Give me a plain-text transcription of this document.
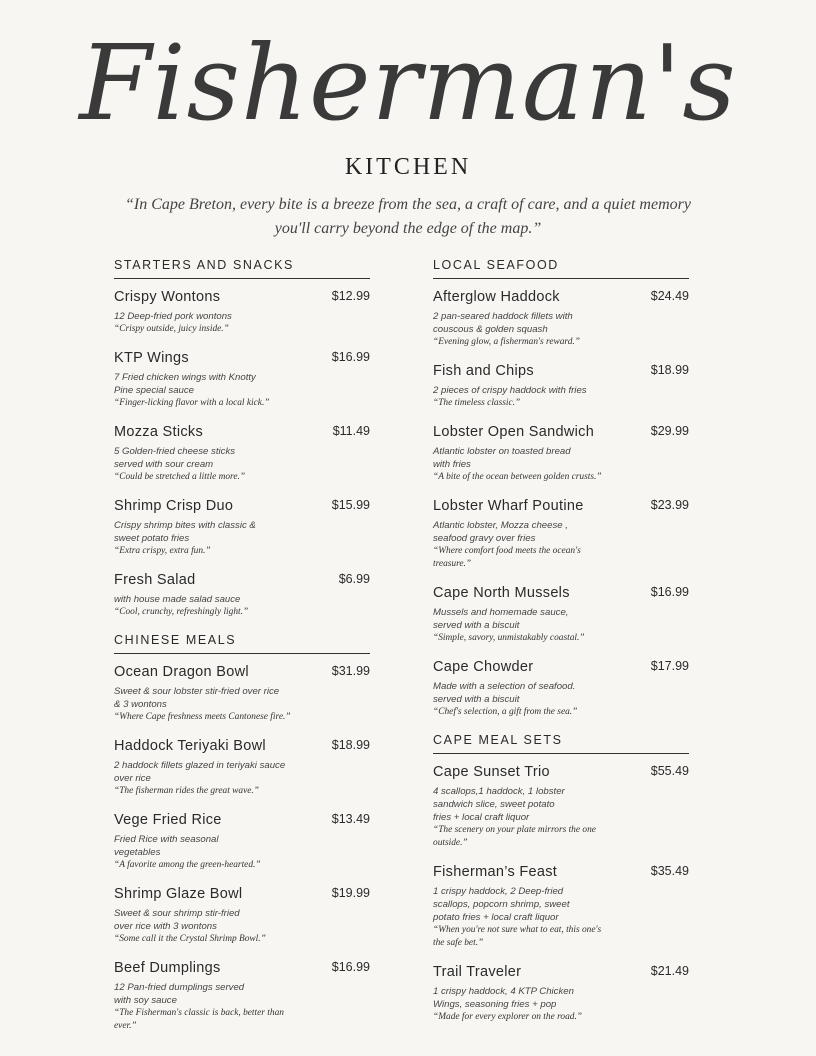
Fisherman's
KITCHEN
“In Cape Breton, every bite is a breeze from the sea, a craft of care, and a quiet memory you'll carry beyond the edge of the map.”
STARTERS AND SNACKS
Crispy Wontons	$12.99
12 Deep-fried pork wontons
“Crispy outside, juicy inside.”
KTP Wings	$16.99
7 Fried chicken wings with Knotty
Pine special sauce
“Finger-licking flavor with a local kick.”
Mozza Sticks	$11.49
5 Golden-fried cheese sticks
served with sour cream
“Could be stretched a little more.”
Shrimp Crisp Duo	$15.99
Crispy shrimp bites with classic &
sweet potato fries
“Extra crispy, extra fun.”
Fresh Salad	$6.99
with house made salad sauce
“Cool, crunchy, refreshingly light.”
CHINESE MEALS
Ocean Dragon Bowl	$31.99
Sweet & sour lobster stir-fried over rice
& 3 wontons
“Where Cape freshness meets Cantonese fire.”
Haddock Teriyaki Bowl	$18.99
2 haddock fillets glazed in teriyaki sauce
over rice
“The fisherman rides the great wave.”
Vege Fried Rice	$13.49
Fried Rice with seasonal
vegetables
“A favorite among the green-hearted.”
Shrimp Glaze Bowl	$19.99
Sweet & sour shrimp stir-fried
over rice with 3 wontons
“Some call it the Crystal Shrimp Bowl.”
Beef Dumplings	$16.99
12 Pan-fried dumplings served
with soy sauce
“The Fisherman's classic is back, better than ever.”
LOCAL SEAFOOD
Afterglow Haddock	$24.49
2 pan-seared haddock fillets with
couscous & golden squash
“Evening glow, a fisherman's reward.”
Fish and Chips	$18.99
2 pieces of crispy haddock with fries
“The timeless classic.”
Lobster Open Sandwich	$29.99
Atlantic lobster on toasted bread
with fries
“A bite of the ocean between golden crusts.”
Lobster Wharf Poutine	$23.99
Atlantic lobster, Mozza cheese ,
seafood gravy over fries
“Where comfort food meets the ocean's treasure.”
Cape North Mussels	$16.99
Mussels and homemade sauce,
served with a biscuit
“Simple, savory, unmistakably coastal.”
Cape Chowder	$17.99
Made with a selection of seafood.
served with a biscuit
“Chef's selection, a gift from the sea.”
CAPE MEAL SETS
Cape Sunset Trio	$55.49
4 scallops,1 haddock, 1 lobster
sandwich slice, sweet potato
fries + local craft liquor
“The scenery on your plate mirrors the one outside.”
Fisherman’s Feast	$35.49
1 crispy haddock, 2 Deep-fried
scallops, popcorn shrimp, sweet
potato fries + local craft liquor
“When you're not sure what to eat, this one's the safe bet.”
Trail Traveler	$21.49
1 crispy haddock, 4 KTP Chicken
Wings, seasoning fries + pop
“Made for every explorer on the road.”
